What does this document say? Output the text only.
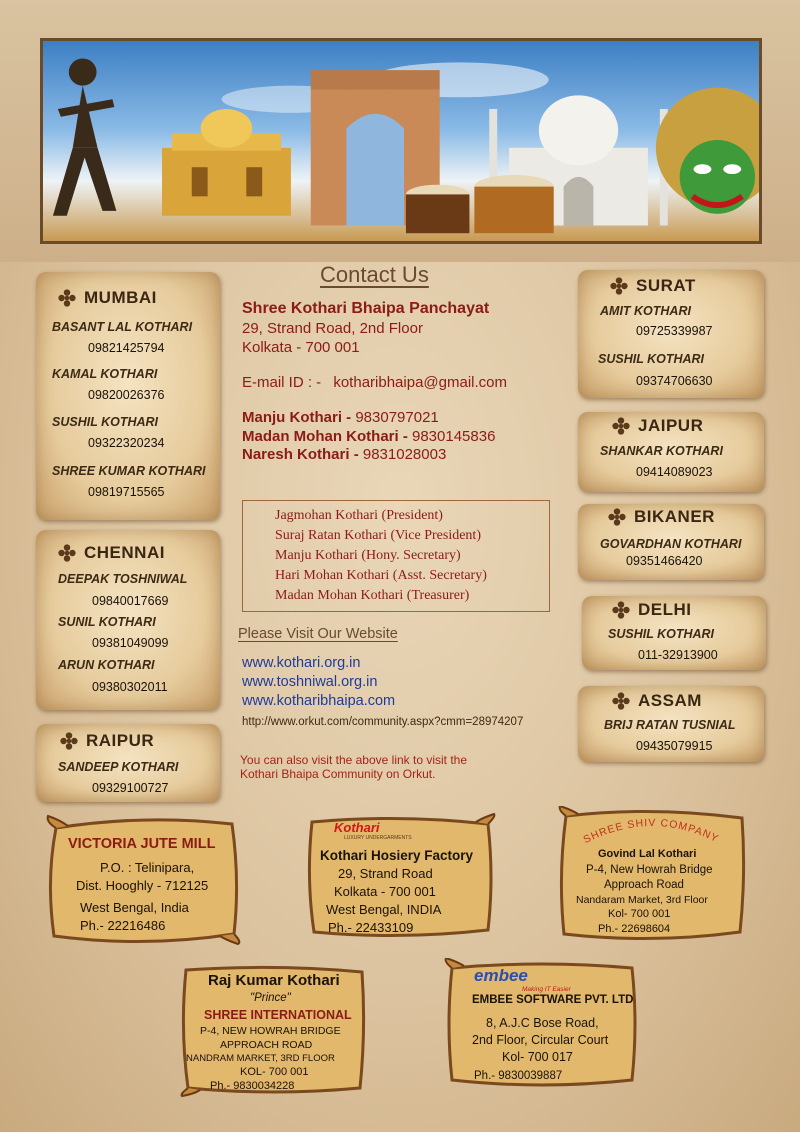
MUMBAI
BASANT LAL KOTHARI
09821425794
KAMAL KOTHARI
09820026376
SUSHIL KOTHARI
09322320234
SHREE KUMAR KOTHARI
09819715565
CHENNAI
DEEPAK TOSHNIWAL
09840017669
SUNIL KOTHARI
09381049099
ARUN KOTHARI
09380302011
RAIPUR
SANDEEP KOTHARI
09329100727
SURAT
AMIT KOTHARI
09725339987
SUSHIL KOTHARI
09374706630
JAIPUR
SHANKAR KOTHARI
09414089023
BIKANER
GOVARDHAN KOTHARI
09351466420
DELHI
SUSHIL KOTHARI
011-32913900
ASSAM
BRIJ RATAN TUSNIAL
09435079915
Contact Us
Shree Kothari Bhaipa Panchayat
29, Strand Road, 2nd Floor
Kolkata - 700 001
E-mail ID : - kotharibhaipa@gmail.com
Manju Kothari - 9830797021
Madan Mohan Kothari - 9830145836
Naresh Kothari - 9831028003
Jagmohan Kothari (President)
Suraj Ratan Kothari (Vice President)
Manju Kothari (Hony. Secretary)
Hari Mohan Kothari (Asst. Secretary)
Madan Mohan Kothari (Treasurer)
Please Visit Our Website
www.kothari.org.in
www.toshniwal.org.in
www.kotharibhaipa.com
http://www.orkut.com/community.aspx?cmm=28974207
You can also visit the above link to visit the
Kothari Bhaipa Community on Orkut.
VICTORIA JUTE MILL
P.O. : Telinipara,
Dist. Hooghly - 712125
West Bengal, India
Ph.- 22216486
Kothari
LUXURY UNDERGARMENTS
Kothari Hosiery Factory
29, Strand Road
Kolkata - 700 001
West Bengal, INDIA
Ph.- 22433109
SHREE SHIV COMPANY
Govind Lal Kothari
P-4, New Howrah Bridge
Approach Road
Nandaram Market, 3rd Floor
Kol- 700 001
Ph.- 22698604
Raj Kumar Kothari
"Prince"
SHREE INTERNATIONAL
P-4, NEW HOWRAH BRIDGE
APPROACH ROAD
NANDRAM MARKET, 3RD FLOOR
KOL- 700 001
Ph.- 9830034228
embee
Making IT Easier
EMBEE SOFTWARE PVT. LTD
8, A.J.C Bose Road,
2nd Floor, Circular Court
Kol- 700 017
Ph.- 9830039887
